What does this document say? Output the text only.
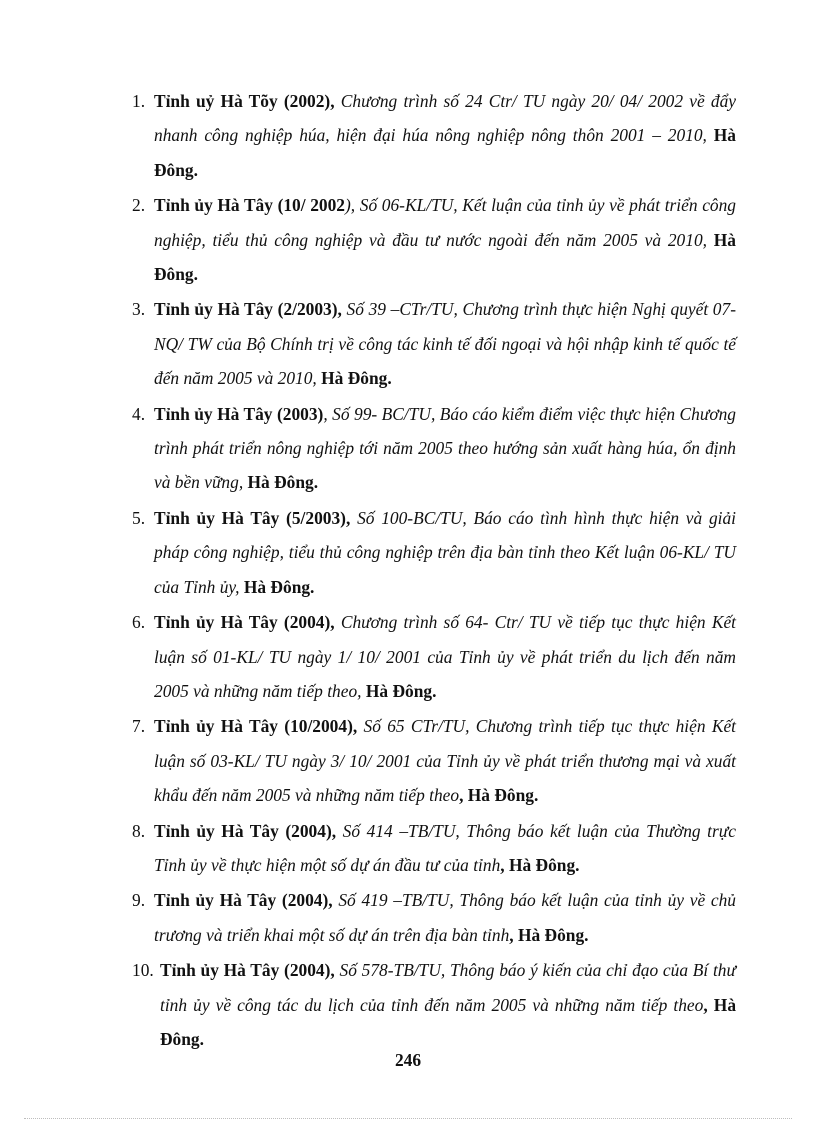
1. Tỉnh uỷ Hà Tõy (2002), Chương trình số 24 Ctr/ TU ngày 20/ 04/ 2002 về đẩy nhanh công nghiệp húa, hiện đại húa nông nghiệp nông thôn 2001 – 2010, Hà Đông.
2. Tỉnh ủy Hà Tây (10/ 2002), Số 06-KL/TU, Kết luận của tỉnh ủy về phát triển công nghiệp, tiểu thủ công nghiệp và đầu tư nước ngoài đến năm 2005 và 2010, Hà Đông.
3. Tỉnh ủy Hà Tây (2/2003), Số 39 –CTr/TU, Chương trình thực hiện Nghị quyết 07-NQ/ TW của Bộ Chính trị về công tác kinh tế đối ngoại và hội nhập kinh tế quốc tế đến năm 2005 và 2010, Hà Đông.
4. Tỉnh ủy Hà Tây (2003), Số 99- BC/TU, Báo cáo kiểm điểm việc thực hiện Chương trình phát triển nông nghiệp tới năm 2005 theo hướng sản xuất hàng húa, ổn định và bền vững, Hà Đông.
5. Tỉnh ủy Hà Tây (5/2003), Số 100-BC/TU, Báo cáo tình hình thực hiện và giải pháp công nghiệp, tiểu thủ công nghiệp trên địa bàn tỉnh theo Kết luận 06-KL/ TU của Tỉnh ủy, Hà Đông.
6. Tỉnh ủy Hà Tây (2004), Chương trình số 64- Ctr/ TU về tiếp tục thực hiện Kết luận số 01-KL/ TU ngày 1/ 10/ 2001 của Tỉnh ủy về phát triển du lịch đến năm 2005 và những năm tiếp theo, Hà Đông.
7. Tỉnh ủy Hà Tây (10/2004), Số 65 CTr/TU, Chương trình tiếp tục thực hiện Kết luận số 03-KL/ TU ngày 3/ 10/ 2001 của Tỉnh ủy về phát triển thương mại và xuất khẩu đến năm 2005 và những năm tiếp theo, Hà Đông.
8. Tỉnh ủy Hà Tây (2004), Số 414 –TB/TU, Thông báo kết luận của Thường trực Tỉnh ủy về thực hiện một số dự án đầu tư của tỉnh, Hà Đông.
9. Tỉnh ủy Hà Tây (2004), Số 419 –TB/TU, Thông báo kết luận của tỉnh ủy về chủ trương và triển khai một số dự án trên địa bàn tỉnh, Hà Đông.
10. Tỉnh ủy Hà Tây (2004), Số 578-TB/TU, Thông báo ý kiến của chỉ đạo của Bí thư tỉnh ủy về công tác du lịch của tỉnh đến năm 2005 và những năm tiếp theo, Hà Đông.
246
